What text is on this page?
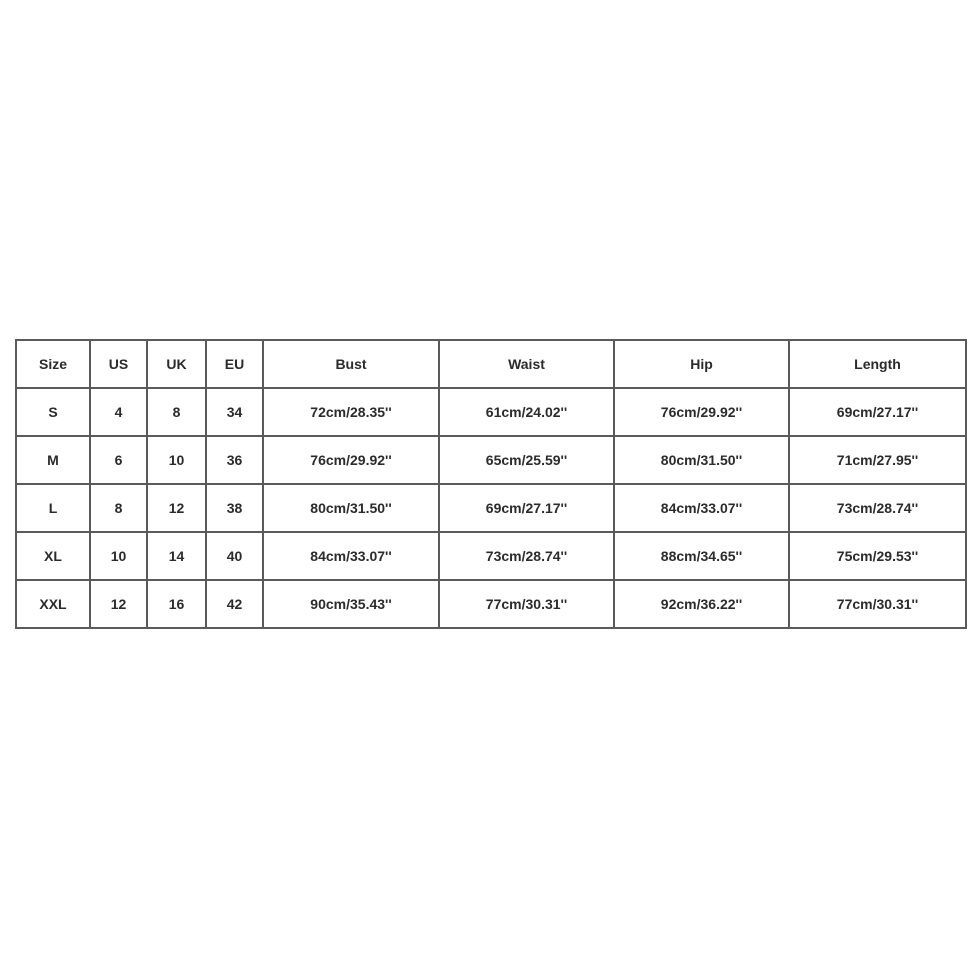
Size	US	UK	EU	Bust	Waist	Hip	Length
S	4	8	34	72cm/28.35''	61cm/24.02''	76cm/29.92''	69cm/27.17''
M	6	10	36	76cm/29.92''	65cm/25.59''	80cm/31.50''	71cm/27.95''
L	8	12	38	80cm/31.50''	69cm/27.17''	84cm/33.07''	73cm/28.74''
XL	10	14	40	84cm/33.07''	73cm/28.74''	88cm/34.65''	75cm/29.53''
XXL	12	16	42	90cm/35.43''	77cm/30.31''	92cm/36.22''	77cm/30.31''
